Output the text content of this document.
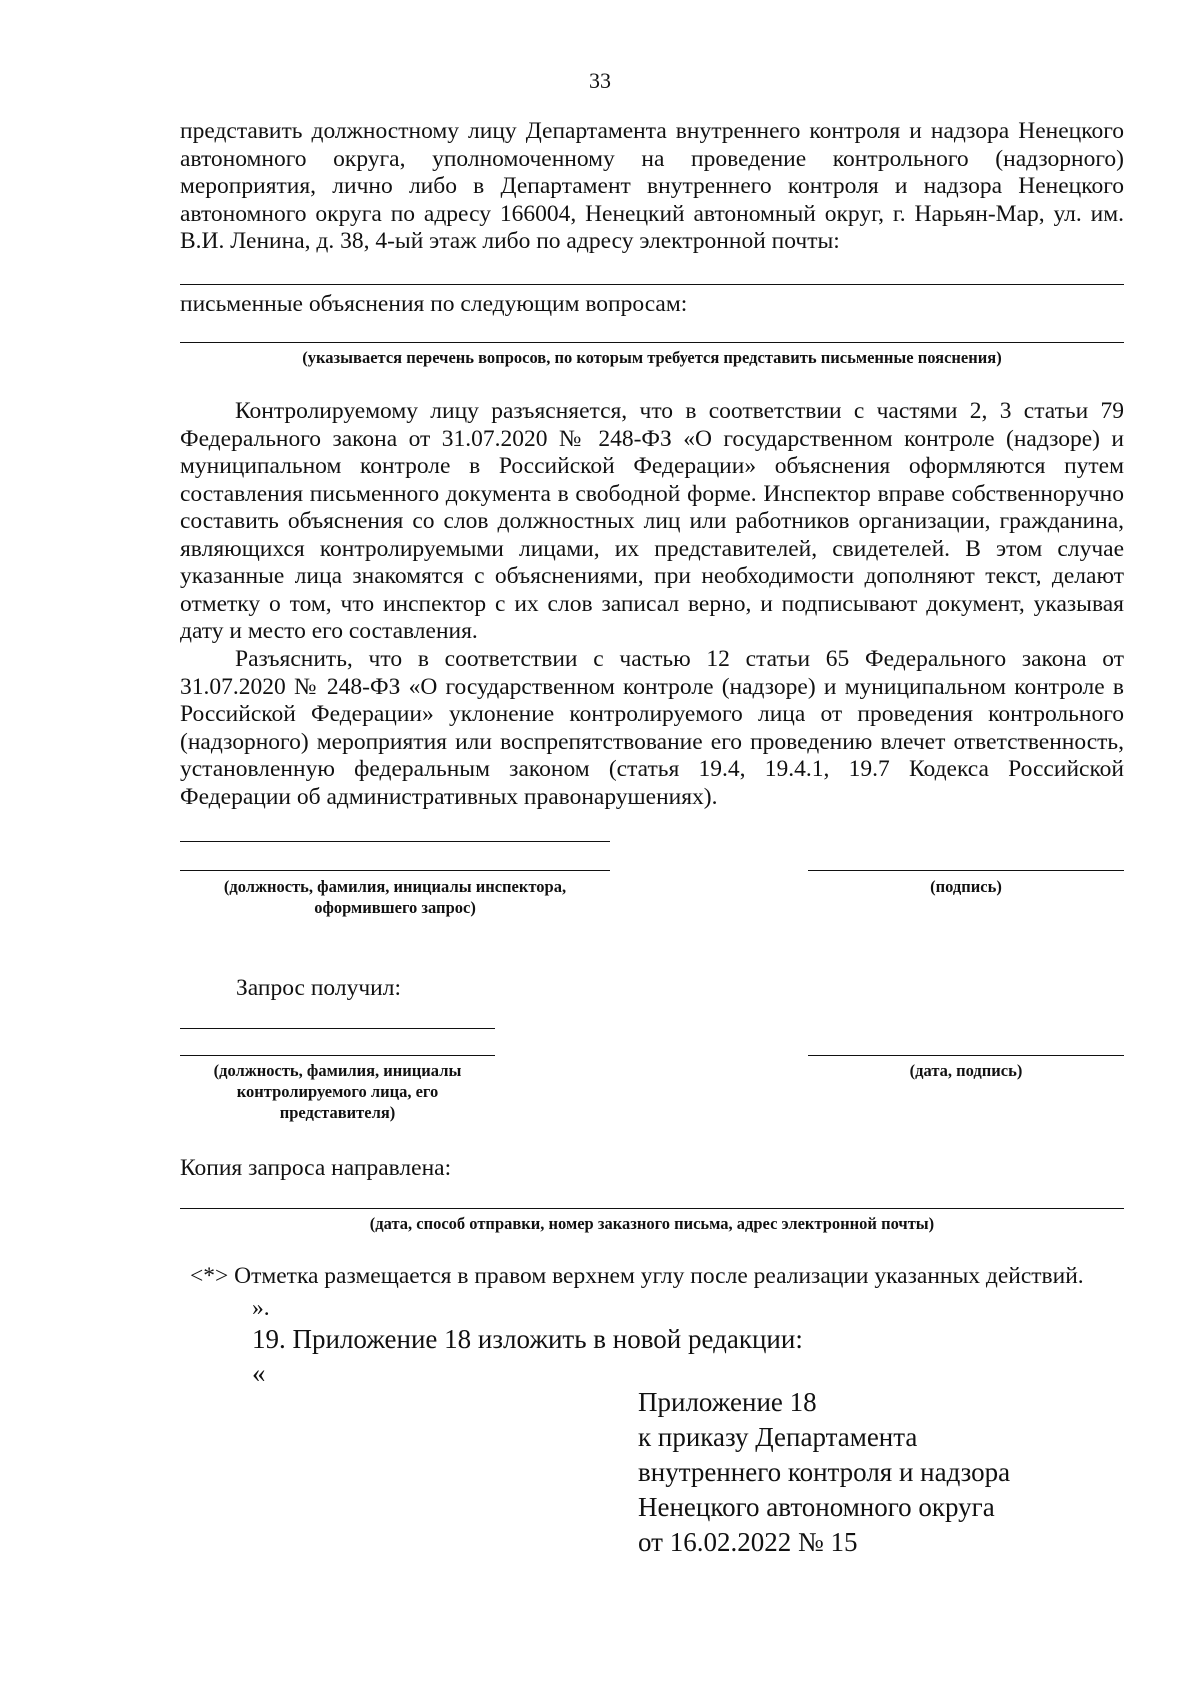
33

представить должностному лицу Департамента внутреннего контроля и надзора Ненецкого автономного округа, уполномоченному на проведение контрольного (надзорного) мероприятия, лично либо в Департамент внутреннего контроля и надзора Ненецкого автономного округа по адресу 166004, Ненецкий автономный округ, г. Нарьян-Мар, ул. им. В.И. Ленина, д. 38, 4-ый этаж либо по адресу электронной почты:

письменные объяснения по следующим вопросам:
(указывается перечень вопросов, по которым требуется представить письменные пояснения)

Контролируемому лицу разъясняется, что в соответствии с частями 2, 3 статьи 79 Федерального закона от 31.07.2020 № 248-ФЗ «О государственном контроле (надзоре) и муниципальном контроле в Российской Федерации» объяснения оформляются путем составления письменного документа в свободной форме. Инспектор вправе собственноручно составить объяснения со слов должностных лиц или работников организации, гражданина, являющихся контролируемыми лицами, их представителей, свидетелей. В этом случае указанные лица знакомятся с объяснениями, при необходимости дополняют текст, делают отметку о том, что инспектор с их слов записал верно, и подписывают документ, указывая дату и место его составления.

Разъяснить, что в соответствии с частью 12 статьи 65 Федерального закона от 31.07.2020 № 248-ФЗ «О государственном контроле (надзоре) и муниципальном контроле в Российской Федерации» уклонение контролируемого лица от проведения контрольного (надзорного) мероприятия или воспрепятствование его проведению влечет ответственность, установленную федеральным законом (статья 19.4, 19.4.1, 19.7 Кодекса Российской Федерации об административных правонарушениях).

(должность, фамилия, инициалы инспектора,
оформившего запрос)
(подпись)
Запрос получил:
(должность, фамилия, инициалы
контролируемого лица, его
представителя)
(дата, подпись)
Копия запроса направлена:
(дата, способ отправки, номер заказного письма, адрес электронной почты)
<*> Отметка размещается в правом верхнем углу после реализации указанных действий.
».
19. Приложение 18 изложить в новой редакции:
«
Приложение 18
к приказу Департамента
внутреннего контроля и надзора
Ненецкого автономного округа
от 16.02.2022 № 15
